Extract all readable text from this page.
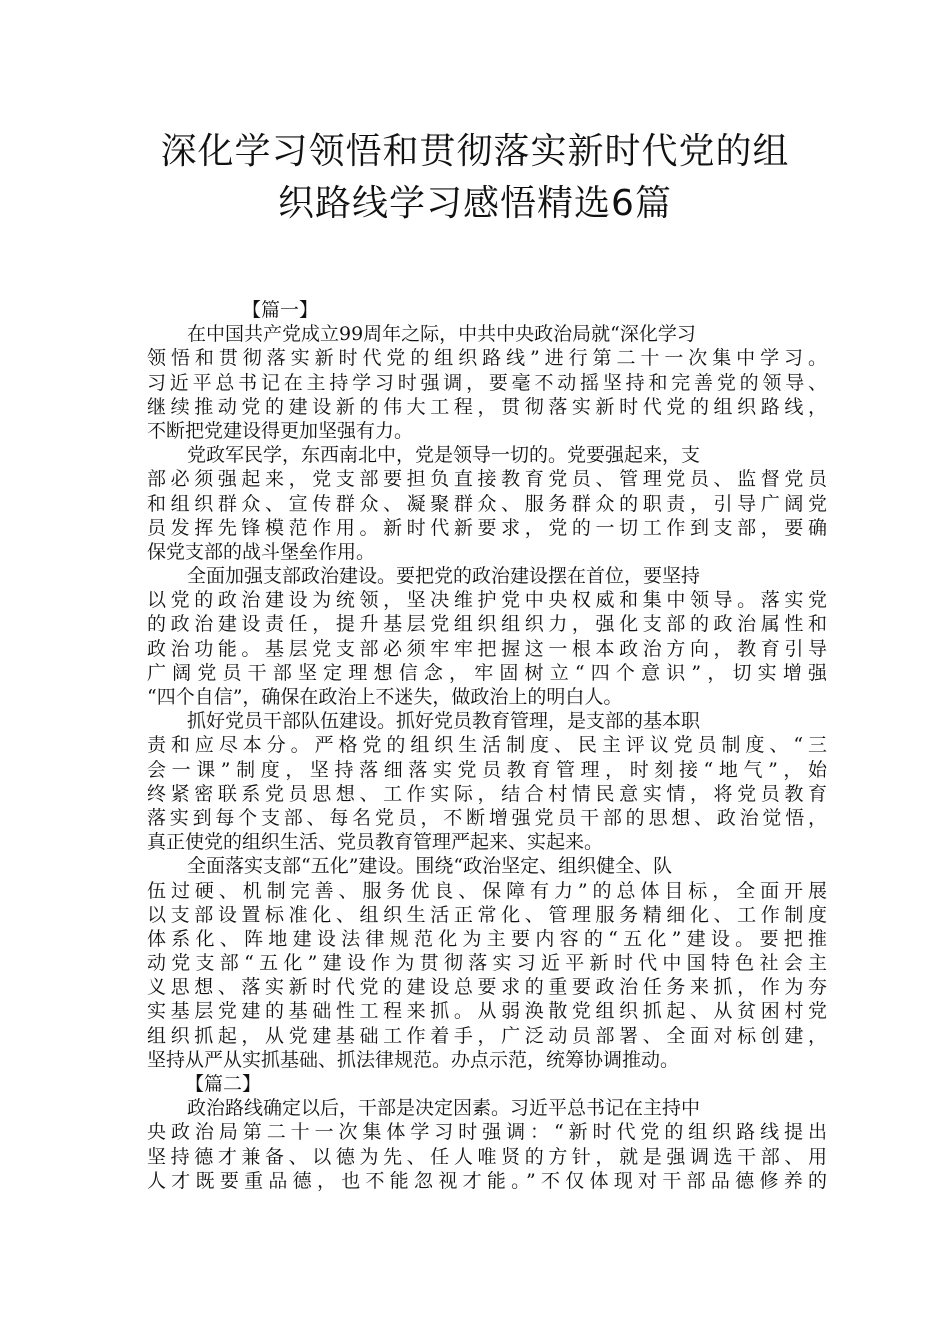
深化学习领悟和贯彻落实新时代党的组
织路线学习感悟精选6篇
【篇一】
在中国共产党成立99周年之际，中共中央政治局就“深化学习
领悟和贯彻落实新时代党的组织路线”进行第二十一次集中学习。
习近平总书记在主持学习时强调，要毫不动摇坚持和完善党的领导、
继续推动党的建设新的伟大工程，贯彻落实新时代党的组织路线，
不断把党建设得更加坚强有力。
党政军民学，东西南北中，党是领导一切的。党要强起来，支
部必须强起来，党支部要担负直接教育党员、管理党员、监督党员
和组织群众、宣传群众、凝聚群众、服务群众的职责，引导广阔党
员发挥先锋模范作用。新时代新要求，党的一切工作到支部，要确
保党支部的战斗堡垒作用。
全面加强支部政治建设。要把党的政治建设摆在首位，要坚持
以党的政治建设为统领，坚决维护党中央权威和集中领导。落实党
的政治建设责任，提升基层党组织组织力，强化支部的政治属性和
政治功能。基层党支部必须牢牢把握这一根本政治方向，教育引导
广阔党员干部坚定理想信念，牢固树立“四个意识”，切实增强
“四个自信”，确保在政治上不迷失，做政治上的明白人。
抓好党员干部队伍建设。抓好党员教育管理，是支部的基本职
责和应尽本分。严格党的组织生活制度、民主评议党员制度、“三
会一课”制度，坚持落细落实党员教育管理，时刻接“地气”，始
终紧密联系党员思想、工作实际，结合村情民意实情，将党员教育
落实到每个支部、每名党员，不断增强党员干部的思想、政治觉悟，
真正使党的组织生活、党员教育管理严起来、实起来。
全面落实支部“五化”建设。围绕“政治坚定、组织健全、队
伍过硬、机制完善、服务优良、保障有力”的总体目标，全面开展
以支部设置标准化、组织生活正常化、管理服务精细化、工作制度
体系化、阵地建设法律规范化为主要内容的“五化”建设。要把推
动党支部“五化”建设作为贯彻落实习近平新时代中国特色社会主
义思想、落实新时代党的建设总要求的重要政治任务来抓，作为夯
实基层党建的基础性工程来抓。从弱涣散党组织抓起、从贫困村党
组织抓起，从党建基础工作着手，广泛动员部署、全面对标创建，
坚持从严从实抓基础、抓法律规范。办点示范，统筹协调推动。
【篇二】
政治路线确定以后，干部是决定因素。习近平总书记在主持中
央政治局第二十一次集体学习时强调：“新时代党的组织路线提出
坚持德才兼备、以德为先、任人唯贤的方针，就是强调选干部、用
人才既要重品德，也不能忽视才能。”不仅体现对干部品德修养的
